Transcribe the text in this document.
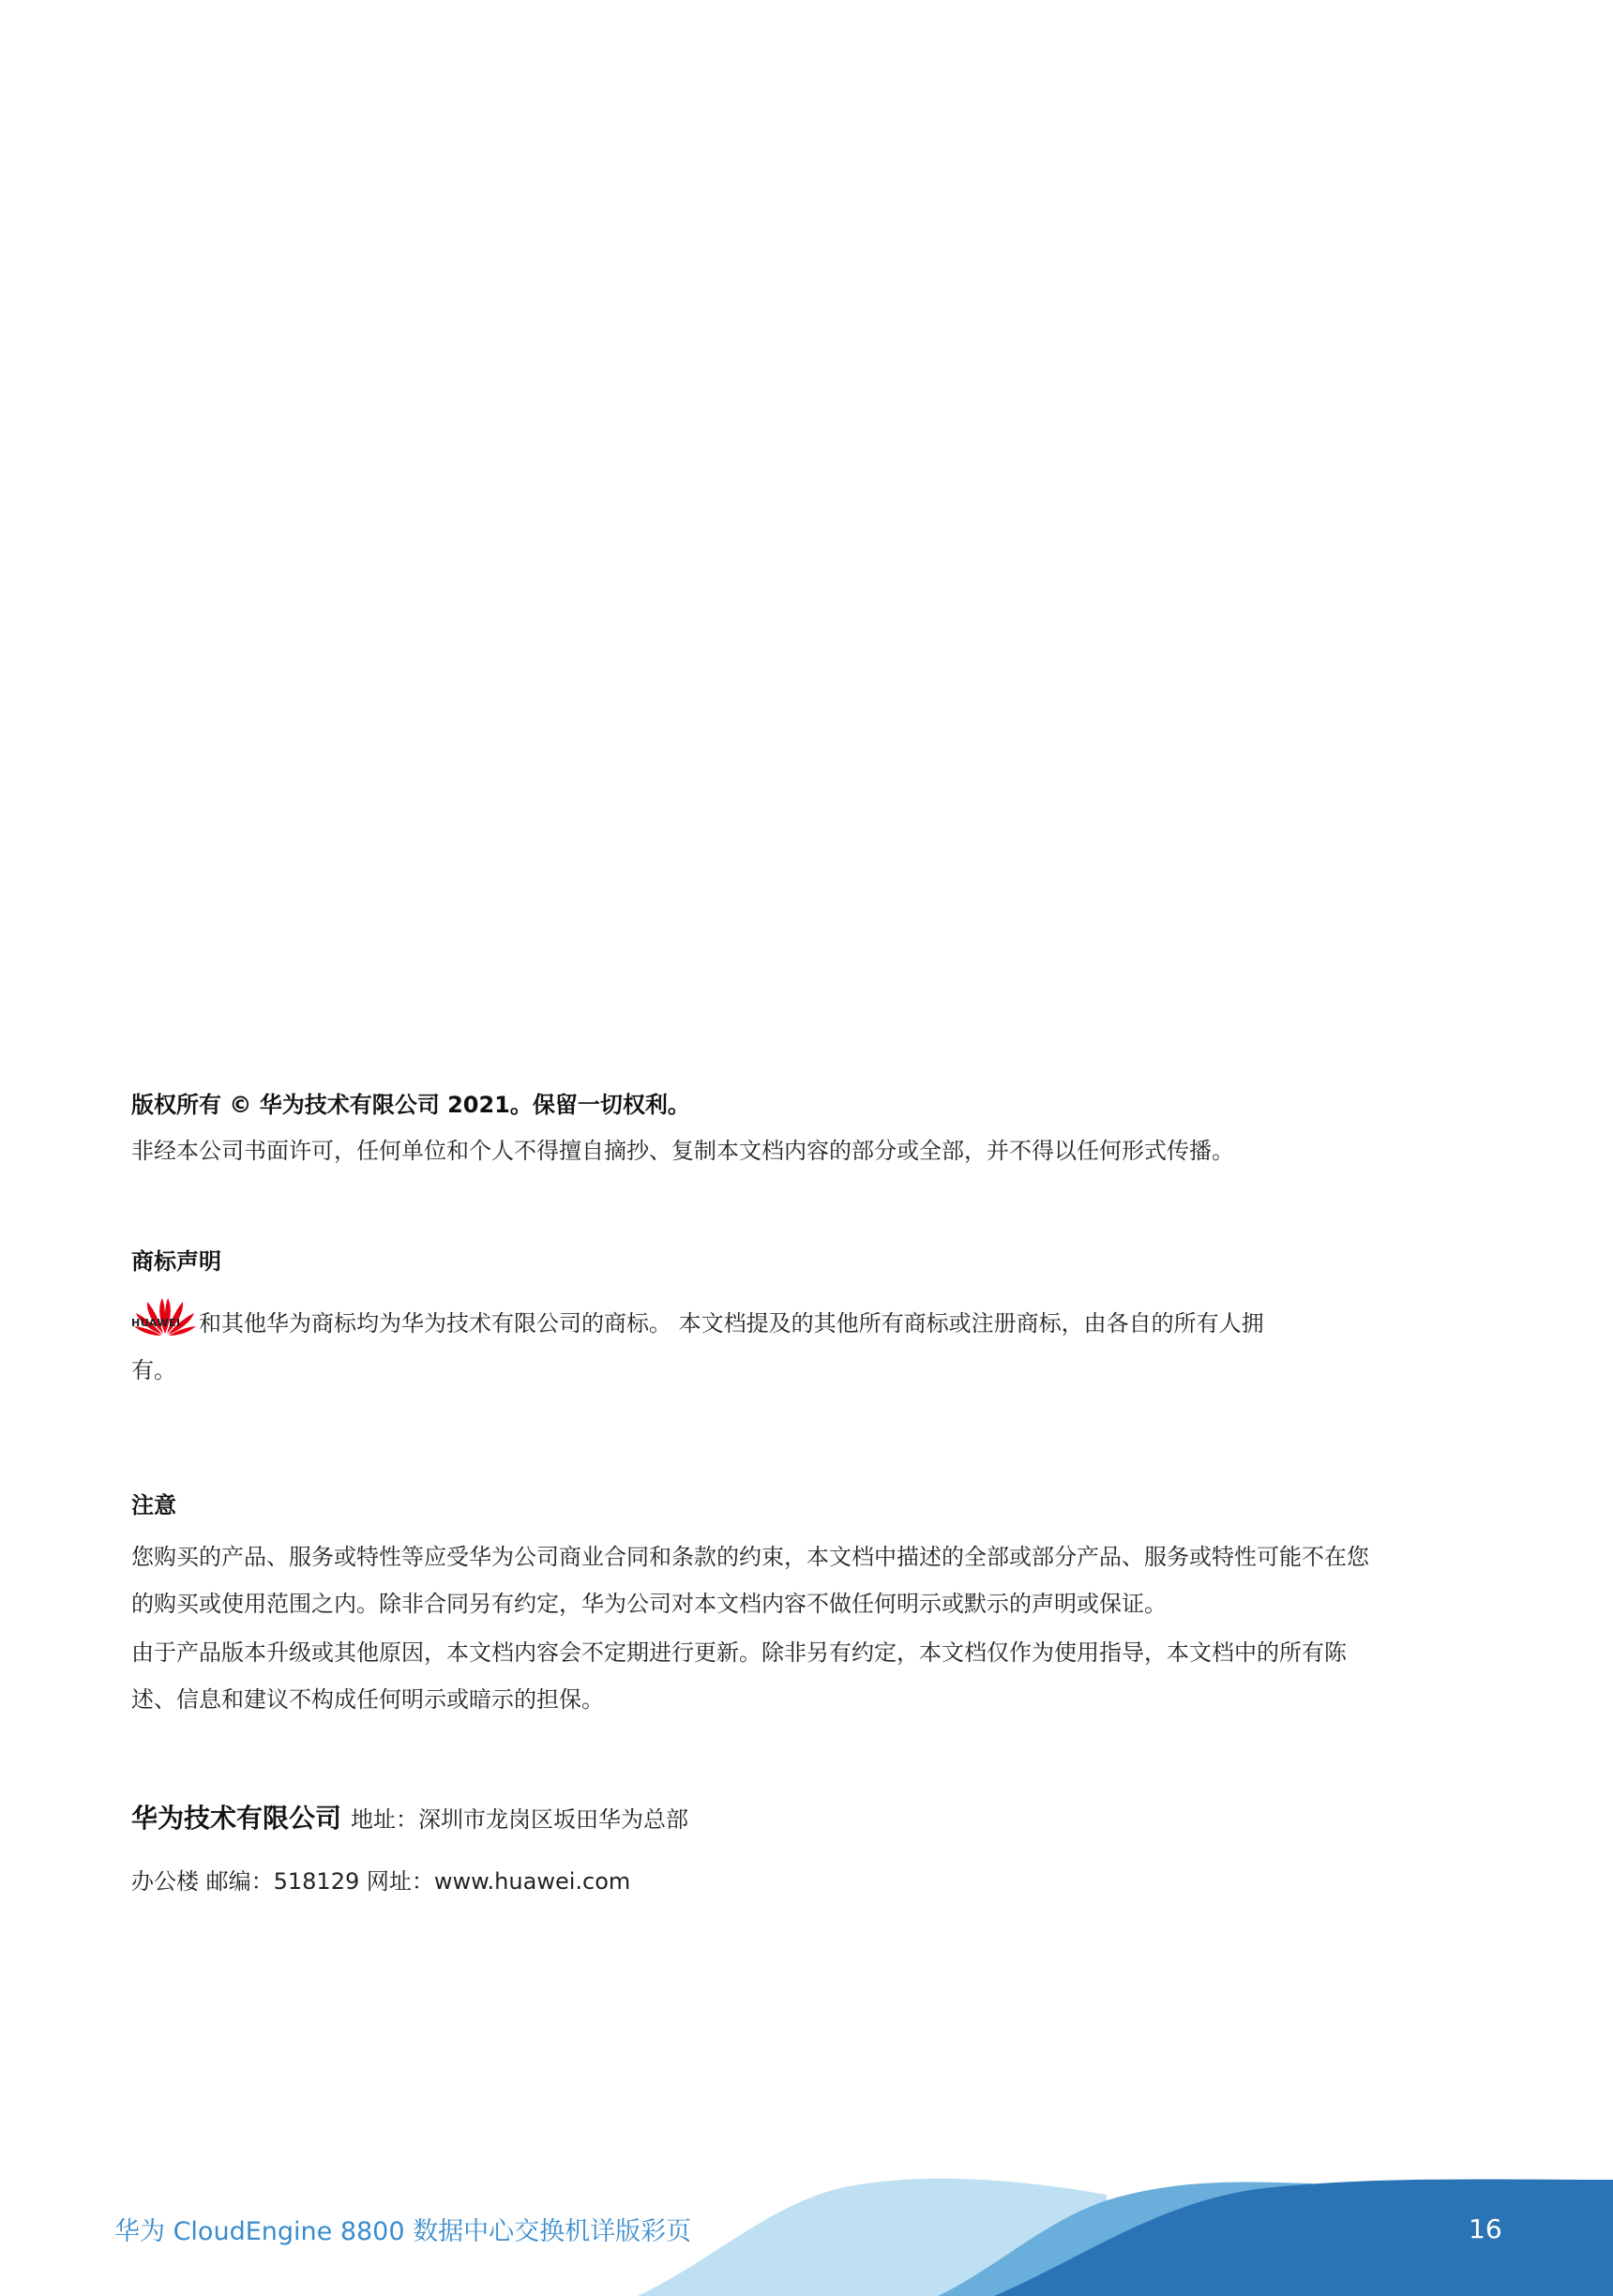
版权所有 © 华为技术有限公司 2021。保留一切权利。
非经本公司书面许可，任何单位和个人不得擅自摘抄、复制本文档内容的部分或全部，并不得以任何形式传播。
商标声明
HUAWEI 和其他华为商标均为华为技术有限公司的商标。 本文档提及的其他所有商标或注册商标，由各自的所有人拥
有。
注意
您购买的产品、服务或特性等应受华为公司商业合同和条款的约束，本文档中描述的全部或部分产品、服务或特性可能不在您
的购买或使用范围之内。除非合同另有约定，华为公司对本文档内容不做任何明示或默示的声明或保证。
由于产品版本升级或其他原因，本文档内容会不定期进行更新。除非另有约定，本文档仅作为使用指导，本文档中的所有陈
述、信息和建议不构成任何明示或暗示的担保。
华为技术有限公司 地址：深圳市龙岗区坂田华为总部
办公楼 邮编：518129 网址：www.huawei.com
华为 CloudEngine 8800 数据中心交换机详版彩页	16
